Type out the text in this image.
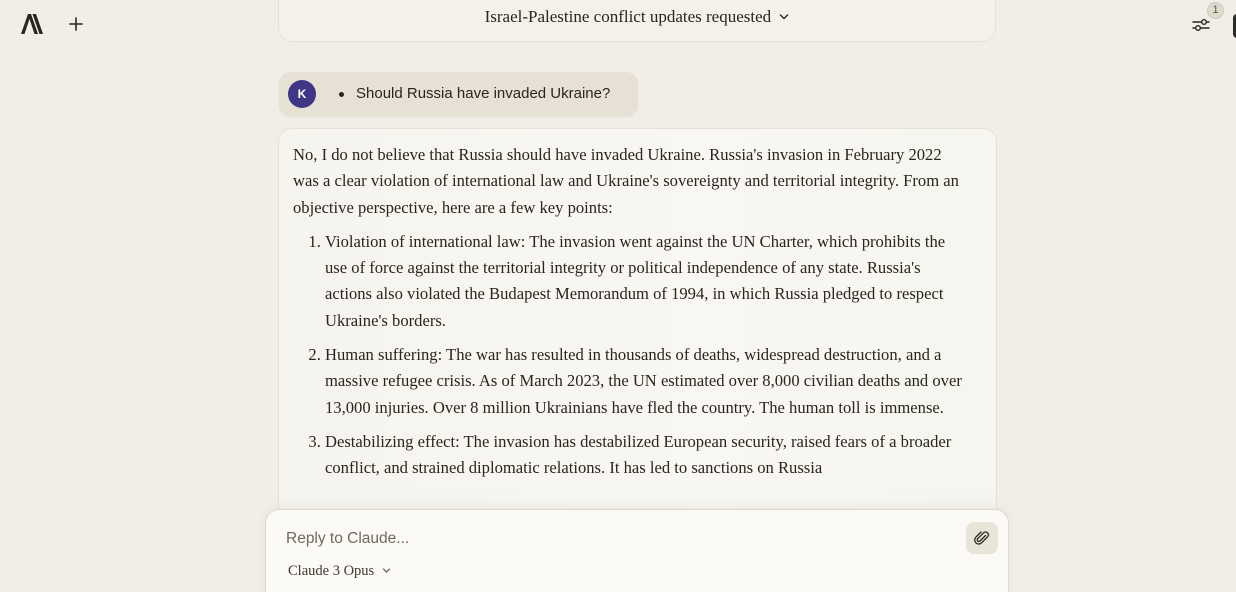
Israel-Palestine conflict updates requested	1
K	Should Russia have invaded Ukraine?

No, I do not believe that Russia should have invaded Ukraine. Russia's invasion in February 2022 was a clear violation of international law and Ukraine's sovereignty and territorial integrity. From an objective perspective, here are a few key points:

1. Violation of international law: The invasion went against the UN Charter, which prohibits the use of force against the territorial integrity or political independence of any state. Russia's actions also violated the Budapest Memorandum of 1994, in which Russia pledged to respect Ukraine's borders.
2. Human suffering: The war has resulted in thousands of deaths, widespread destruction, and a massive refugee crisis. As of March 2023, the UN estimated over 8,000 civilian deaths and over 13,000 injuries. Over 8 million Ukrainians have fled the country. The human toll is immense.
3. Destabilizing effect: The invasion has destabilized European security, raised fears of a broader conflict, and strained diplomatic relations. It has led to sanctions on Russia
Reply to Claude...
Claude 3 Opus
